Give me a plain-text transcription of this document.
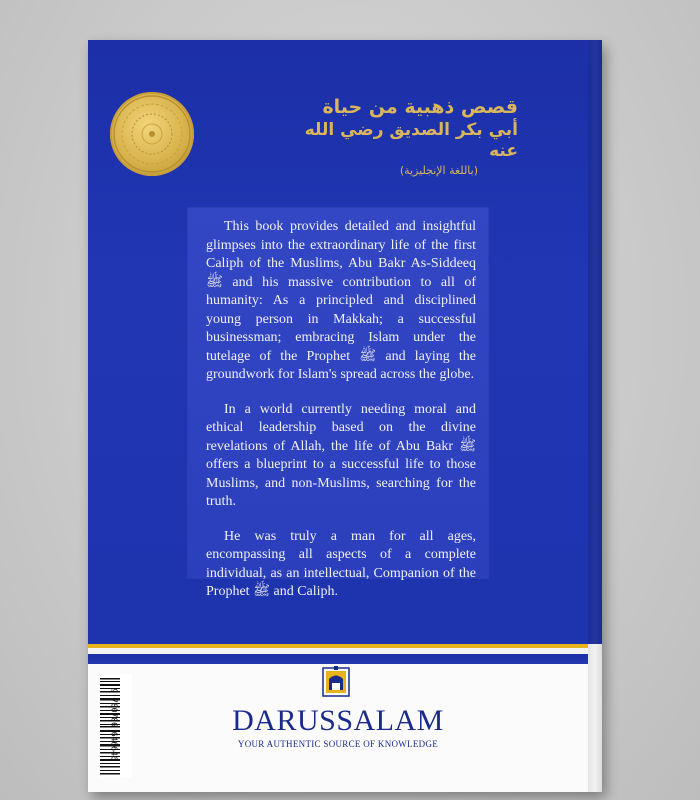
قصص ذهبية من حياة
أبي بكر الصديق رضي الله عنه
(باللغة الإنجليزية)

This book provides detailed and insightful glimpses into the extraordinary life of the first Caliph of the Muslims, Abu Bakr As-Siddeeq ﷺ and his massive contribution to all of humanity: As a principled and disciplined young person in Makkah; a successful businessman; embracing Islam under the tutelage of the Prophet ﷺ and laying the groundwork for Islam's spread across the globe.

In a world currently needing moral and ethical leadership based on the divine revelations of Allah, the life of Abu Bakr ﷺ offers a blueprint to a successful life to those Muslims, and non-Muslims, searching for the truth.

He was truly a man for all ages, encompassing all aspects of a complete individual, as an intellectual, Companion of the Prophet ﷺ and Caliph.

9 780706 646646	DARUSSALAM
YOUR AUTHENTIC SOURCE OF KNOWLEDGE
